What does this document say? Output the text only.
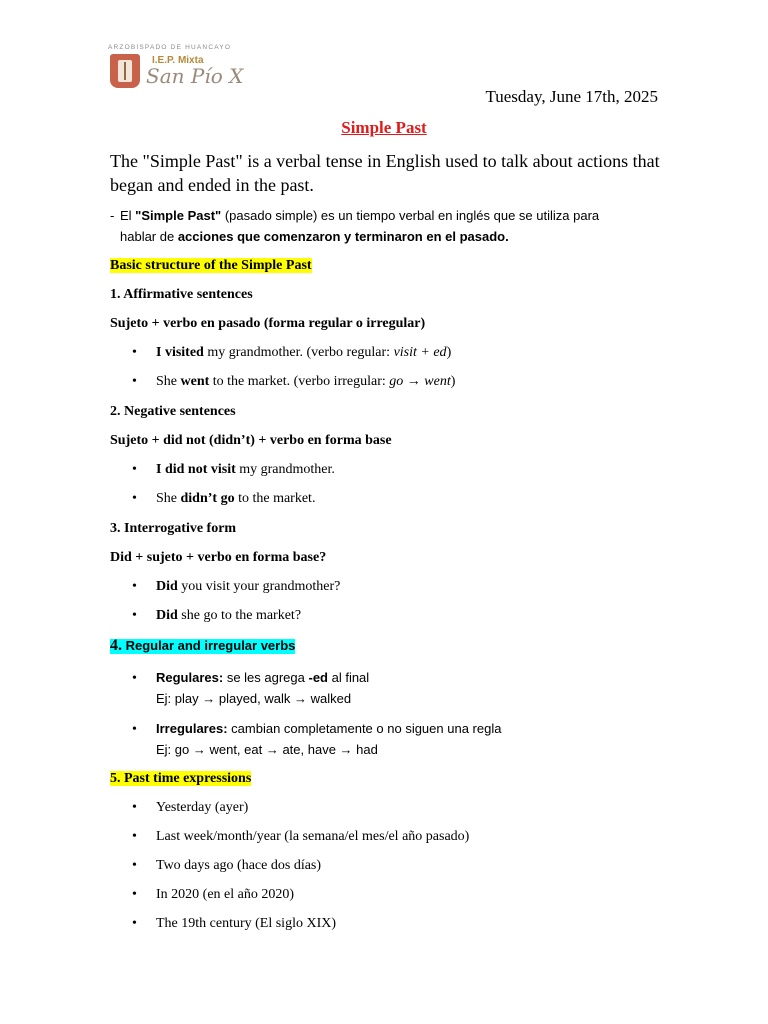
ARZOBISPADO DE HUANCAYO
I.E.P. Mixta
San Pío X
Tuesday, June 17th, 2025
Simple Past
The "Simple Past" is a verbal tense in English used to talk about actions that began and ended in the past.
- El "Simple Past" (pasado simple) es un tiempo verbal en inglés que se utiliza para
hablar de acciones que comenzaron y terminaron en el pasado.
Basic structure of the Simple Past
1. Affirmative sentences
Sujeto + verbo en pasado (forma regular o irregular)
•	I visited my grandmother. (verbo regular: visit + ed)
•	She went to the market. (verbo irregular: go → went)
2. Negative sentences
Sujeto + did not (didn’t) + verbo en forma base
•	I did not visit my grandmother.
•	She didn’t go to the market.
3. Interrogative form
Did + sujeto + verbo en forma base?
•	Did you visit your grandmother?
•	Did she go to the market?
4. Regular and irregular verbs
•	Regulares: se les agrega -ed al final
Ej: play → played, walk → walked
•	Irregulares: cambian completamente o no siguen una regla
Ej: go → went, eat → ate, have → had
5. Past time expressions
•	Yesterday (ayer)
•	Last week/month/year (la semana/el mes/el año pasado)
•	Two days ago (hace dos días)
•	In 2020 (en el año 2020)
•	The 19th century (El siglo XIX)
